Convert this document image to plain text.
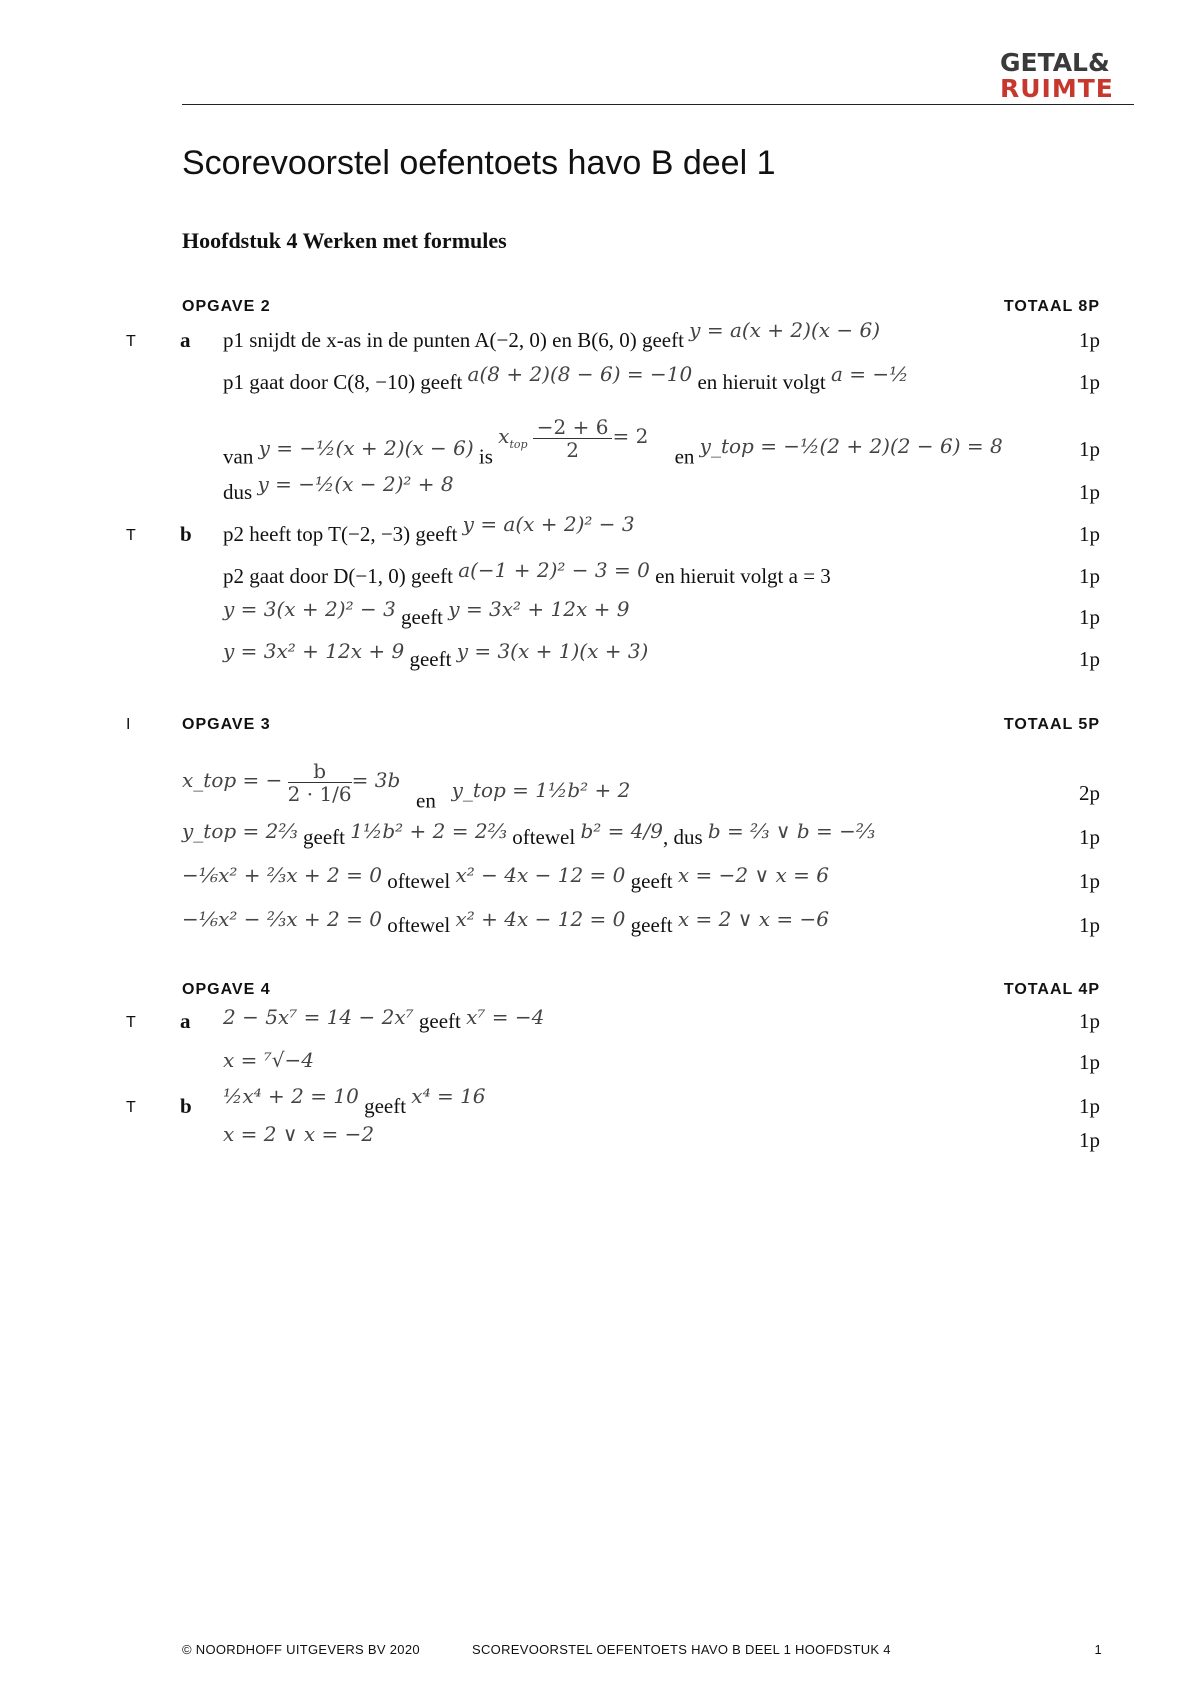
GETAL&
RUIMTE
Scorevoorstel oefentoets havo B deel 1
Hoofdstuk 4 Werken met formules
OPGAVE 2	TOTAAL 8P
T a p1 snijdt de x-as in de punten A(−2, 0) en B(6, 0) geeft y = a(x + 2)(x − 6)	1p
p1 gaat door C(8, −10) geeft a(8 + 2)(8 − 6) = −10 en hieruit volgt a = −½	1p
van y = −½(x + 2)(x − 6) is $x_{top} \frac{-2 + 6}{2} = 2$     en y_top = −½(2 + 2)(2 − 6) = 8	1p
dus y = −½(x − 2)² + 8	1p
T b p2 heeft top T(−2, −3) geeft y = a(x + 2)² − 3	1p
p2 gaat door D(−1, 0) geeft a(−1 + 2)² − 3 = 0 en hieruit volgt a = 3	1p
y = 3(x + 2)² − 3 geeft y = 3x² + 12x + 9	1p
y = 3x² + 12x + 9 geeft y = 3(x + 1)(x + 3)	1p
I	OPGAVE 3	TOTAAL 5P
x_top = − $\frac{b}{2 \cdot 1/6} = 3b$   en y_top = 1½b² + 2	2p
y_top = 2⅔ geeft 1½b² + 2 = 2⅔ oftewel b² = 4/9, dus b = ⅔ ∨ b = −⅔	1p
−⅙x² + ⅔x + 2 = 0 oftewel x² − 4x − 12 = 0 geeft x = −2 ∨ x = 6	1p
−⅙x² − ⅔x + 2 = 0 oftewel x² + 4x − 12 = 0 geeft x = 2 ∨ x = −6	1p
OPGAVE 4	TOTAAL 4P
T a 2 − 5x⁷ = 14 − 2x⁷ geeft x⁷ = −4	1p
x = ⁷√−4	1p
T b ½x⁴ + 2 = 10 geeft x⁴ = 16	1p
x = 2 ∨ x = −2	1p
© NOORDHOFF UITGEVERS BV 2020	SCOREVOORSTEL OEFENTOETS HAVO B DEEL 1 HOOFDSTUK 4	1
